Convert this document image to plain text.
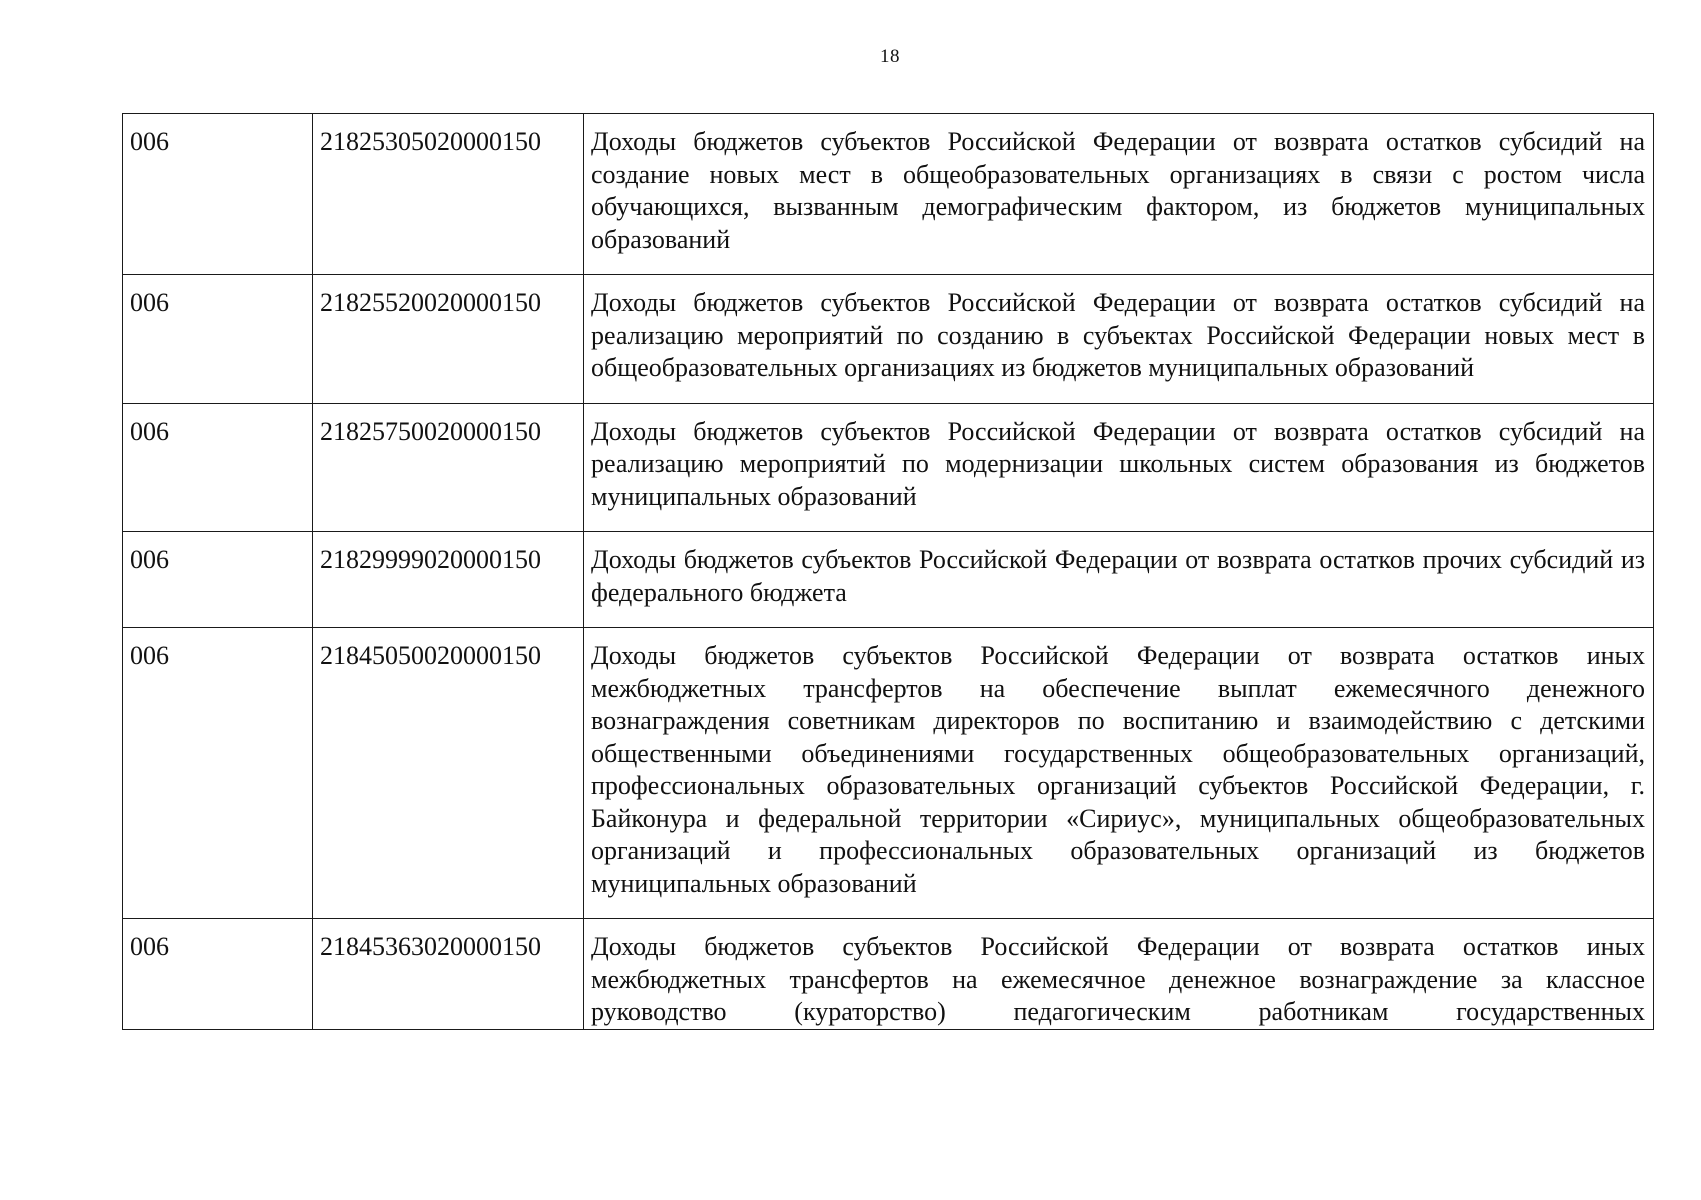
18
006	21825305020000150	Доходы бюджетов субъектов Российской Федерации от возврата остатков субсидий на создание новых мест в общеобразовательных организациях в связи с ростом числа обучающихся, вызванным демографическим фактором, из бюджетов муниципальных образований
006	21825520020000150	Доходы бюджетов субъектов Российской Федерации от возврата остатков субсидий на реализацию мероприятий по созданию в субъектах Российской Федерации новых мест в общеобразовательных организациях из бюджетов муниципальных образований
006	21825750020000150	Доходы бюджетов субъектов Российской Федерации от возврата остатков субсидий на реализацию мероприятий по модернизации школьных систем образования из бюджетов муниципальных образований
006	21829999020000150	Доходы бюджетов субъектов Российской Федерации от возврата остатков прочих субсидий из федерального бюджета
006	21845050020000150	Доходы бюджетов субъектов Российской Федерации от возврата остатков иных межбюджетных трансфертов на обеспечение выплат ежемесячного денежного вознаграждения советникам директоров по воспитанию и взаимодействию с детскими общественными объединениями государственных общеобразовательных организаций, профессиональных образовательных организаций субъектов Российской Федерации, г. Байконура и федеральной территории «Сириус», муниципальных общеобразовательных организаций и профессиональных образовательных организаций из бюджетов муниципальных образований
006	21845363020000150	Доходы бюджетов субъектов Российской Федерации от возврата остатков иных межбюджетных трансфертов на ежемесячное денежное вознаграждение за классное руководство (кураторство) педагогическим работникам государственных
